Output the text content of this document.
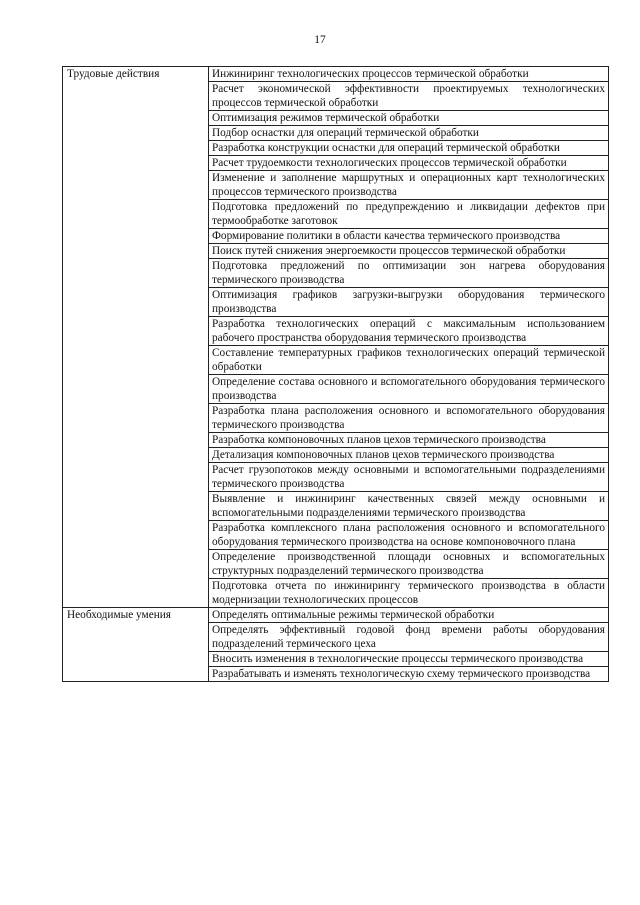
17
Трудовые действия	Инжиниринг технологических процессов термической обработки
	Расчет экономической эффективности проектируемых технологических процессов термической обработки
	Оптимизация режимов термической обработки
	Подбор оснастки для операций термической обработки
	Разработка конструкции оснастки для операций термической обработки
	Расчет трудоемкости технологических процессов термической обработки
	Изменение и заполнение маршрутных и операционных карт технологических процессов термического производства
	Подготовка предложений по предупреждению и ликвидации дефектов при термообработке заготовок
	Формирование политики в области качества термического производства
	Поиск путей снижения энергоемкости процессов термической обработки
	Подготовка предложений по оптимизации зон нагрева оборудования термического производства
	Оптимизация графиков загрузки-выгрузки оборудования термического производства
	Разработка технологических операций с максимальным использованием рабочего пространства оборудования термического производства
	Составление температурных графиков технологических операций термической обработки
	Определение состава основного и вспомогательного оборудования термического производства
	Разработка плана расположения основного и вспомогательного оборудования термического производства
	Разработка компоновочных планов цехов термического производства
	Детализация компоновочных планов цехов термического производства
	Расчет грузопотоков между основными и вспомогательными подразделениями термического производства
	Выявление и инжиниринг качественных связей между основными и вспомогательными подразделениями термического производства
	Разработка комплексного плана расположения основного и вспомогательного оборудования термического производства на основе компоновочного плана
	Определение производственной площади основных и вспомогательных структурных подразделений термического производства
	Подготовка отчета по инжинирингу термического производства в области модернизации технологических процессов
Необходимые умения	Определять оптимальные режимы термической обработки
	Определять эффективный годовой фонд времени работы оборудования подразделений термического цеха
	Вносить изменения в технологические процессы термического производства
	Разрабатывать и изменять технологическую схему термического производства
